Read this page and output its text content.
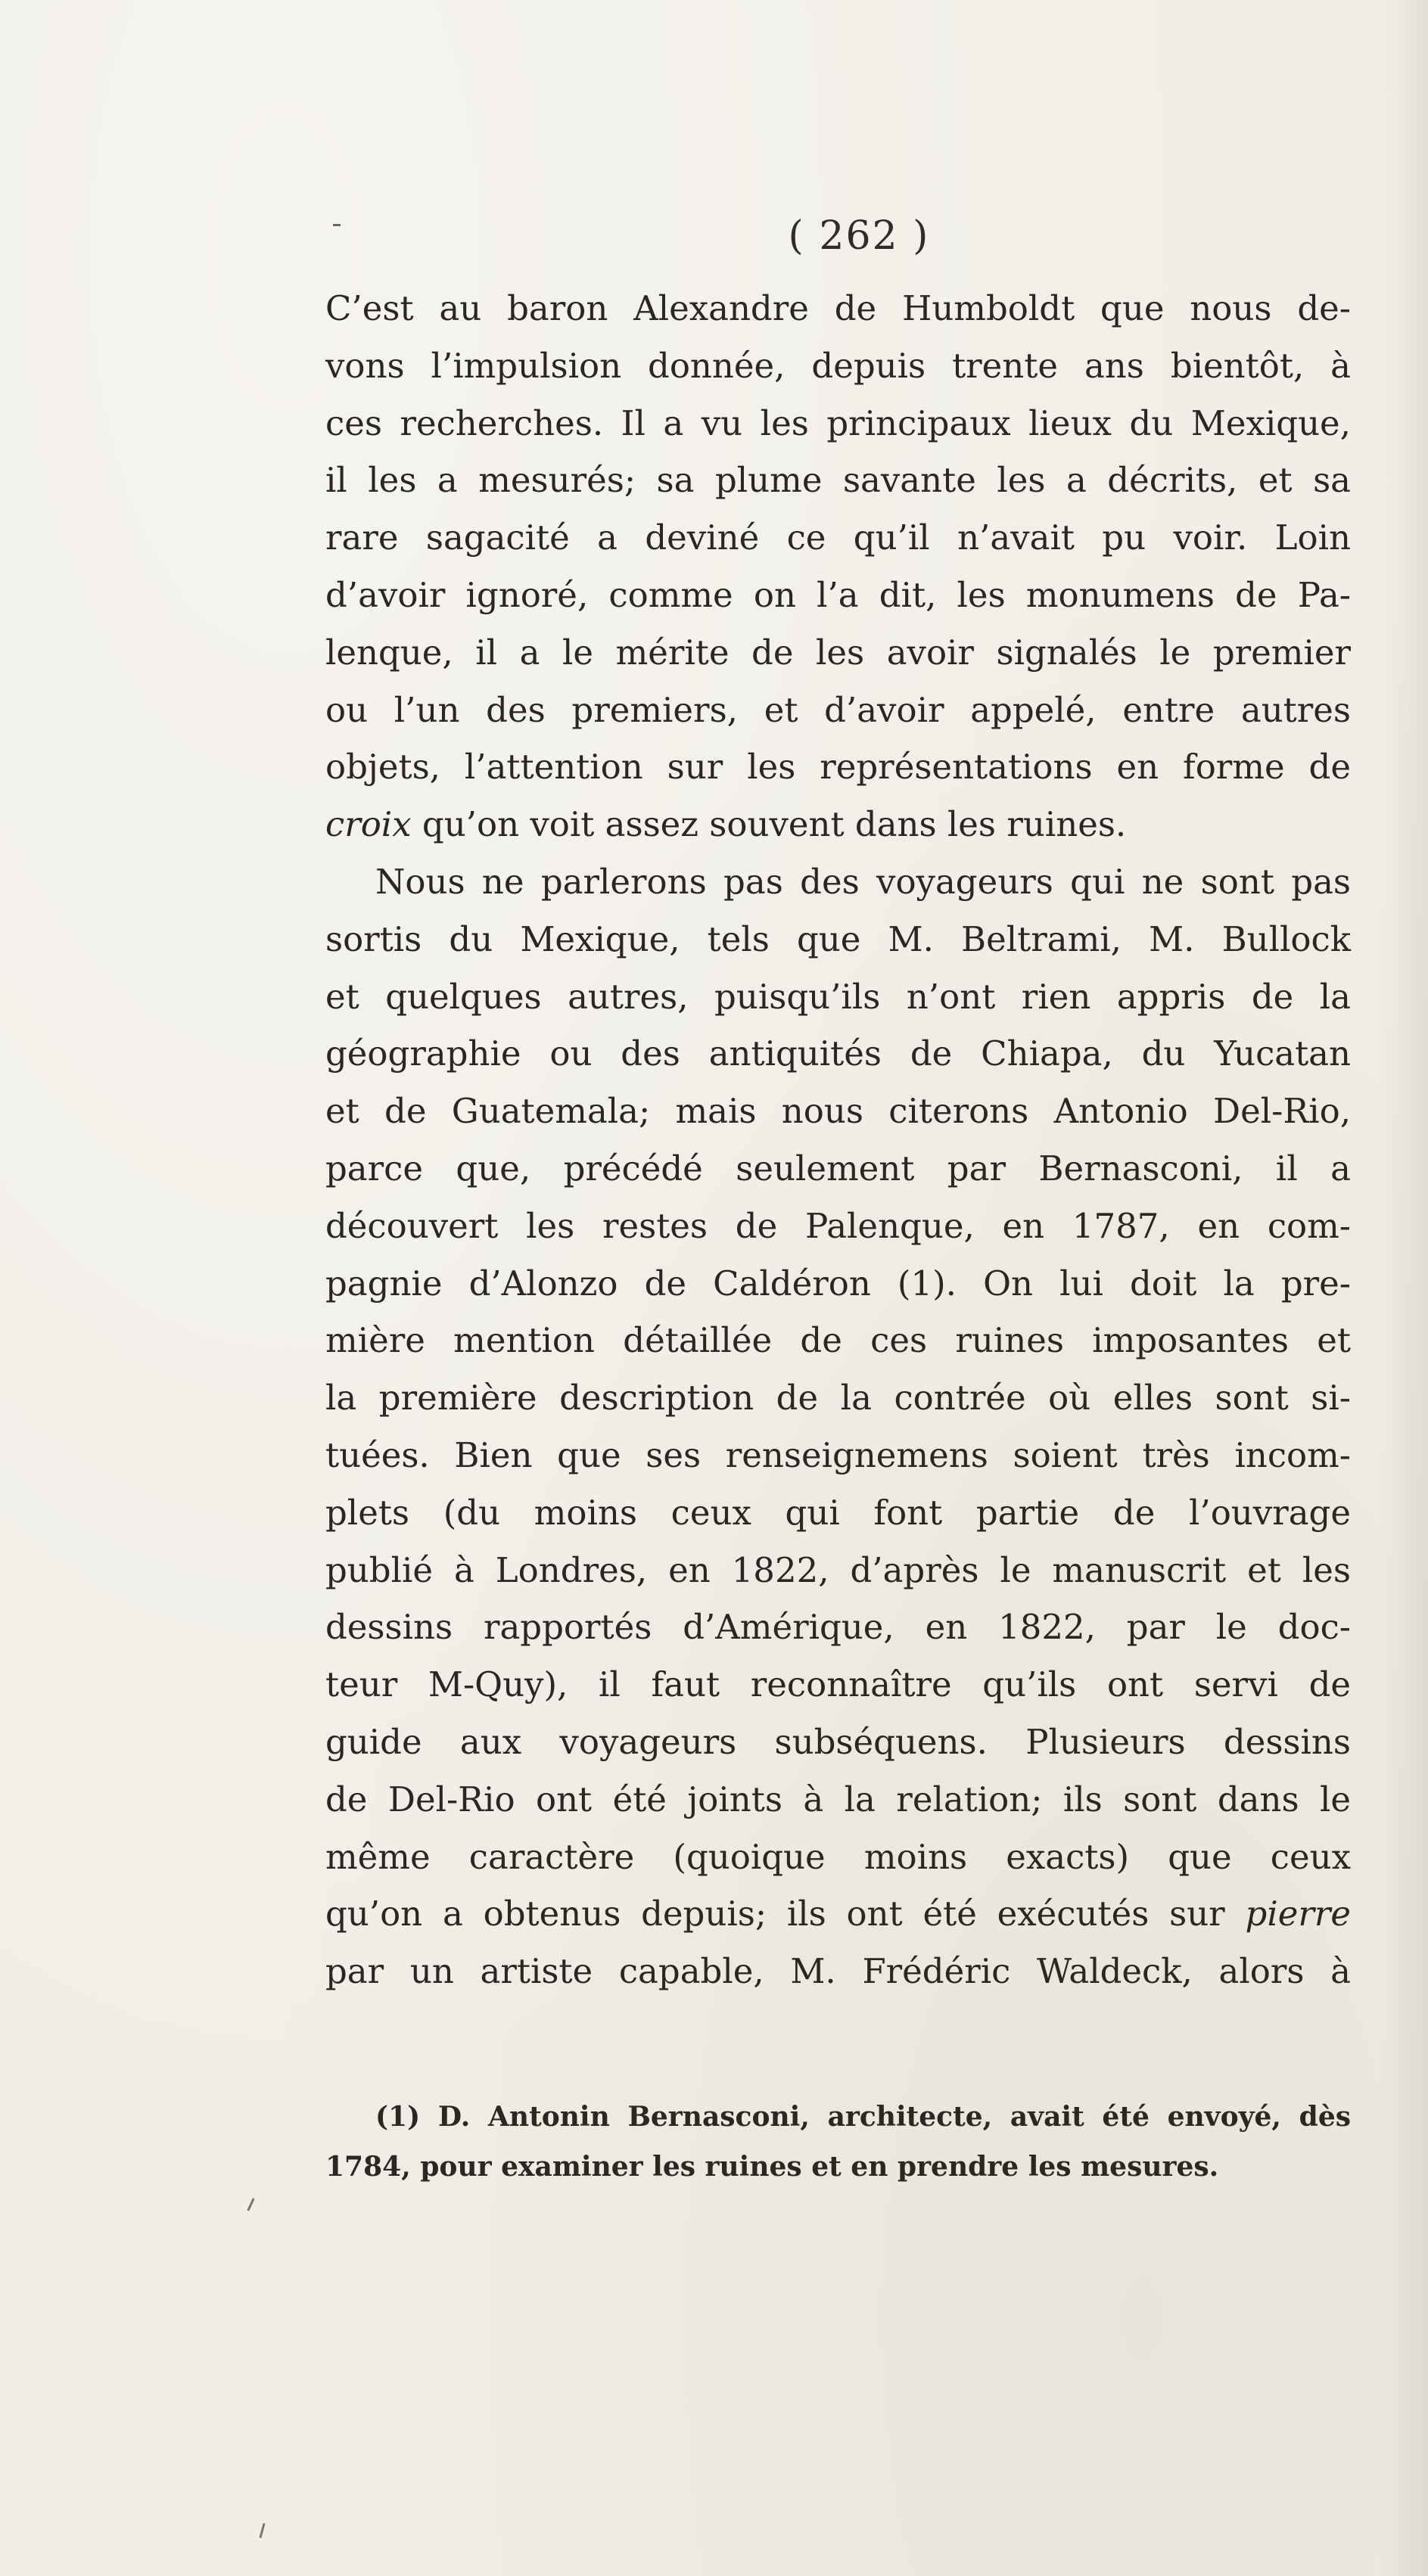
( 262 )
C’est au baron Alexandre de Humboldt que nous de-
vons l’impulsion donnée, depuis trente ans bientôt, à
ces recherches. Il a vu les principaux lieux du Mexique,
il les a mesurés; sa plume savante les a décrits, et sa
rare sagacité a deviné ce qu’il n’avait pu voir. Loin
d’avoir ignoré, comme on l’a dit, les monumens de Pa-
lenque, il a le mérite de les avoir signalés le premier
ou l’un des premiers, et d’avoir appelé, entre autres
objets, l’attention sur les représentations en forme de
croix qu’on voit assez souvent dans les ruines.
Nous ne parlerons pas des voyageurs qui ne sont pas
sortis du Mexique, tels que M. Beltrami, M. Bullock
et quelques autres, puisqu’ils n’ont rien appris de la
géographie ou des antiquités de Chiapa, du Yucatan
et de Guatemala; mais nous citerons Antonio Del-Rio,
parce que, précédé seulement par Bernasconi, il a
découvert les restes de Palenque, en 1787, en com-
pagnie d’Alonzo de Caldéron (1). On lui doit la pre-
mière mention détaillée de ces ruines imposantes et
la première description de la contrée où elles sont si-
tuées. Bien que ses renseignemens soient très incom-
plets (du moins ceux qui font partie de l’ouvrage
publié à Londres, en 1822, d’après le manuscrit et les
dessins rapportés d’Amérique, en 1822, par le doc-
teur M-Quy), il faut reconnaître qu’ils ont servi de
guide aux voyageurs subséquens. Plusieurs dessins
de Del-Rio ont été joints à la relation; ils sont dans le
même caractère (quoique moins exacts) que ceux
qu’on a obtenus depuis; ils ont été exécutés sur pierre
par un artiste capable, M. Frédéric Waldeck, alors à
(1) D. Antonin Bernasconi, architecte, avait été envoyé, dès
1784, pour examiner les ruines et en prendre les mesures.
